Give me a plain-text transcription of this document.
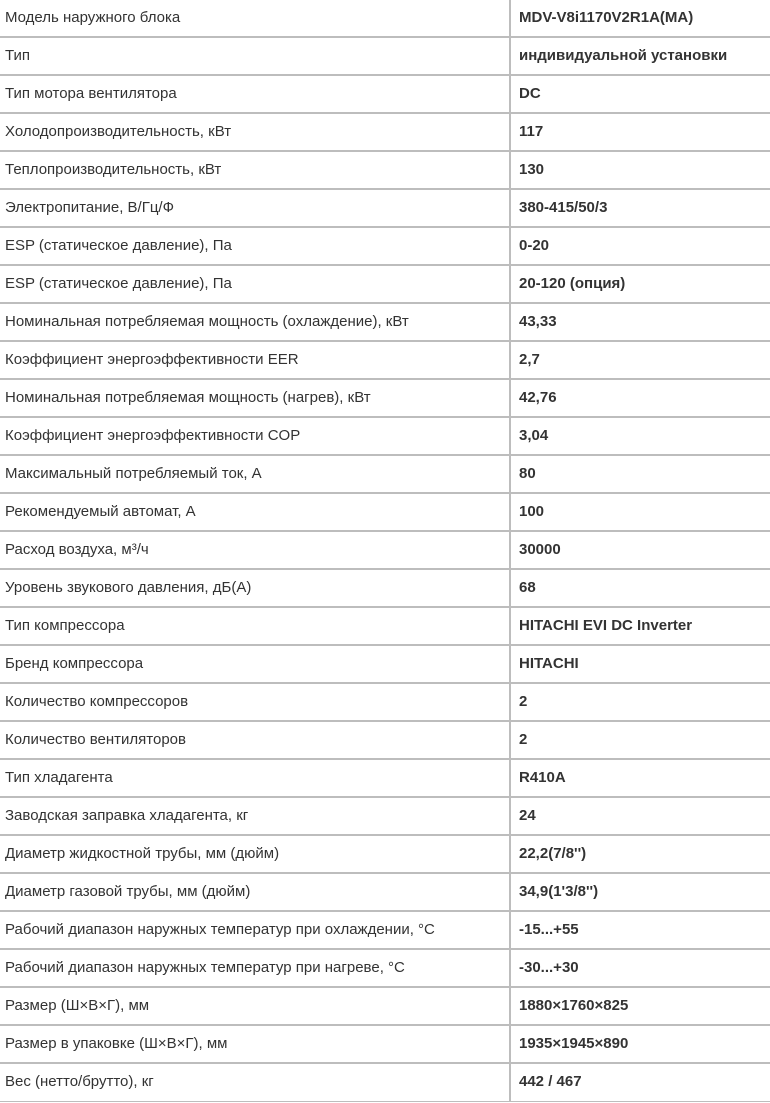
Модель наружного блока	MDV-V8i1170V2R1A(MA)
Тип	индивидуальной установки
Тип мотора вентилятора	DC
Холодопроизводительность, кВт	117
Теплопроизводительность, кВт	130
Электропитание, В/Гц/Ф	380-415/50/3
ESP (статическое давление), Па	0-20
ESP (статическое давление), Па	20-120 (опция)
Номинальная потребляемая мощность (охлаждение), кВт	43,33
Коэффициент энергоэффективности EER	2,7
Номинальная потребляемая мощность (нагрев), кВт	42,76
Коэффициент энергоэффективности COP	3,04
Максимальный потребляемый ток, А	80
Рекомендуемый автомат, А	100
Расход воздуха, м³/ч	30000
Уровень звукового давления, дБ(А)	68
Тип компрессора	HITACHI EVI DC Inverter
Бренд компрессора	HITACHI
Количество компрессоров	2
Количество вентиляторов	2
Тип хладагента	R410A
Заводская заправка хладагента, кг	24
Диаметр жидкостной трубы, мм (дюйм)	22,2(7/8'')
Диаметр газовой трубы, мм (дюйм)	34,9(1'3/8'')
Рабочий диапазон наружных температур при охлаждении, °С	-15...+55
Рабочий диапазон наружных температур при нагреве, °С	-30...+30
Размер (Ш×В×Г), мм	1880×1760×825
Размер в упаковке (Ш×В×Г), мм	1935×1945×890
Вес (нетто/брутто), кг	442 / 467
